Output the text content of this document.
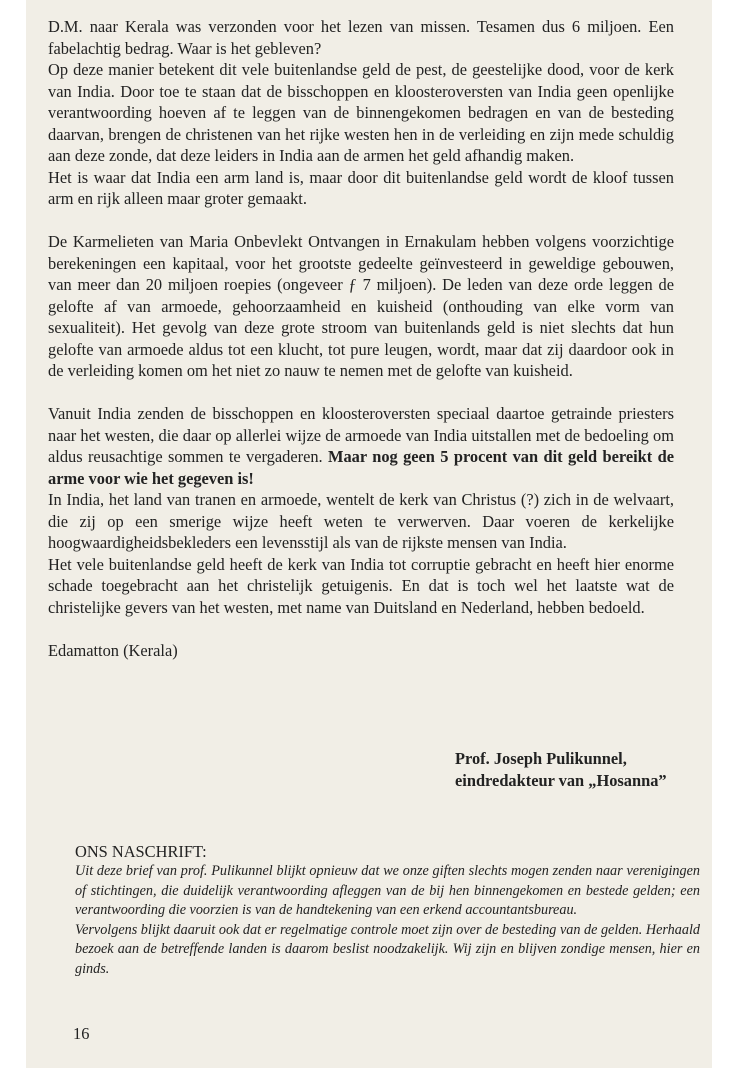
D.M. naar Kerala was verzonden voor het lezen van missen. Tesamen dus 6 miljoen. Een fabelachtig bedrag. Waar is het gebleven?

Op deze manier betekent dit vele buitenlandse geld de pest, de geestelijke dood, voor de kerk van India. Door toe te staan dat de bisschoppen en kloosteroversten van India geen openlijke verantwoording hoeven af te leggen van de binnengekomen bedragen en van de besteding daarvan, brengen de christenen van het rijke westen hen in de verleiding en zijn mede schuldig aan deze zonde, dat deze leiders in India aan de armen het geld afhandig maken.

Het is waar dat India een arm land is, maar door dit buitenlandse geld wordt de kloof tussen arm en rijk alleen maar groter gemaakt.

De Karmelieten van Maria Onbevlekt Ontvangen in Ernakulam hebben volgens voorzichtige berekeningen een kapitaal, voor het grootste gedeelte geïnvesteerd in geweldige gebouwen, van meer dan 20 miljoen roepies (ongeveer ƒ 7 miljoen). De leden van deze orde leggen de gelofte af van armoede, gehoorzaamheid en kuisheid (onthouding van elke vorm van sexualiteit). Het gevolg van deze grote stroom van buitenlands geld is niet slechts dat hun gelofte van armoede aldus tot een klucht, tot pure leugen, wordt, maar dat zij daardoor ook in de verleiding komen om het niet zo nauw te nemen met de gelofte van kuisheid.

Vanuit India zenden de bisschoppen en kloosteroversten speciaal daartoe getrainde priesters naar het westen, die daar op allerlei wijze de armoede van India uitstallen met de bedoeling om aldus reusachtige sommen te vergaderen. Maar nog geen 5 procent van dit geld bereikt de arme voor wie het gegeven is!

In India, het land van tranen en armoede, wentelt de kerk van Christus (?) zich in de welvaart, die zij op een smerige wijze heeft weten te verwerven. Daar voeren de kerkelijke hoogwaardigheidsbekleders een levensstijl als van de rijkste mensen van India.

Het vele buitenlandse geld heeft de kerk van India tot corruptie gebracht en heeft hier enorme schade toegebracht aan het christelijk getuigenis. En dat is toch wel het laatste wat de christelijke gevers van het westen, met name van Duitsland en Nederland, hebben bedoeld.

Edamatton (Kerala)

Prof. Joseph Pulikunnel,
eindredakteur van „Hosanna”
ONS NASCHRIFT:

Uit deze brief van prof. Pulikunnel blijkt opnieuw dat we onze giften slechts mogen zenden naar verenigingen of stichtingen, die duidelijk verantwoording afleggen van de bij hen binnengekomen en bestede gelden; een verantwoording die voorzien is van de handtekening van een erkend accountantsbureau.

Vervolgens blijkt daaruit ook dat er regelmatige controle moet zijn over de besteding van de gelden. Herhaald bezoek aan de betreffende landen is daarom beslist noodzakelijk. Wij zijn en blijven zondige mensen, hier en ginds.

16
